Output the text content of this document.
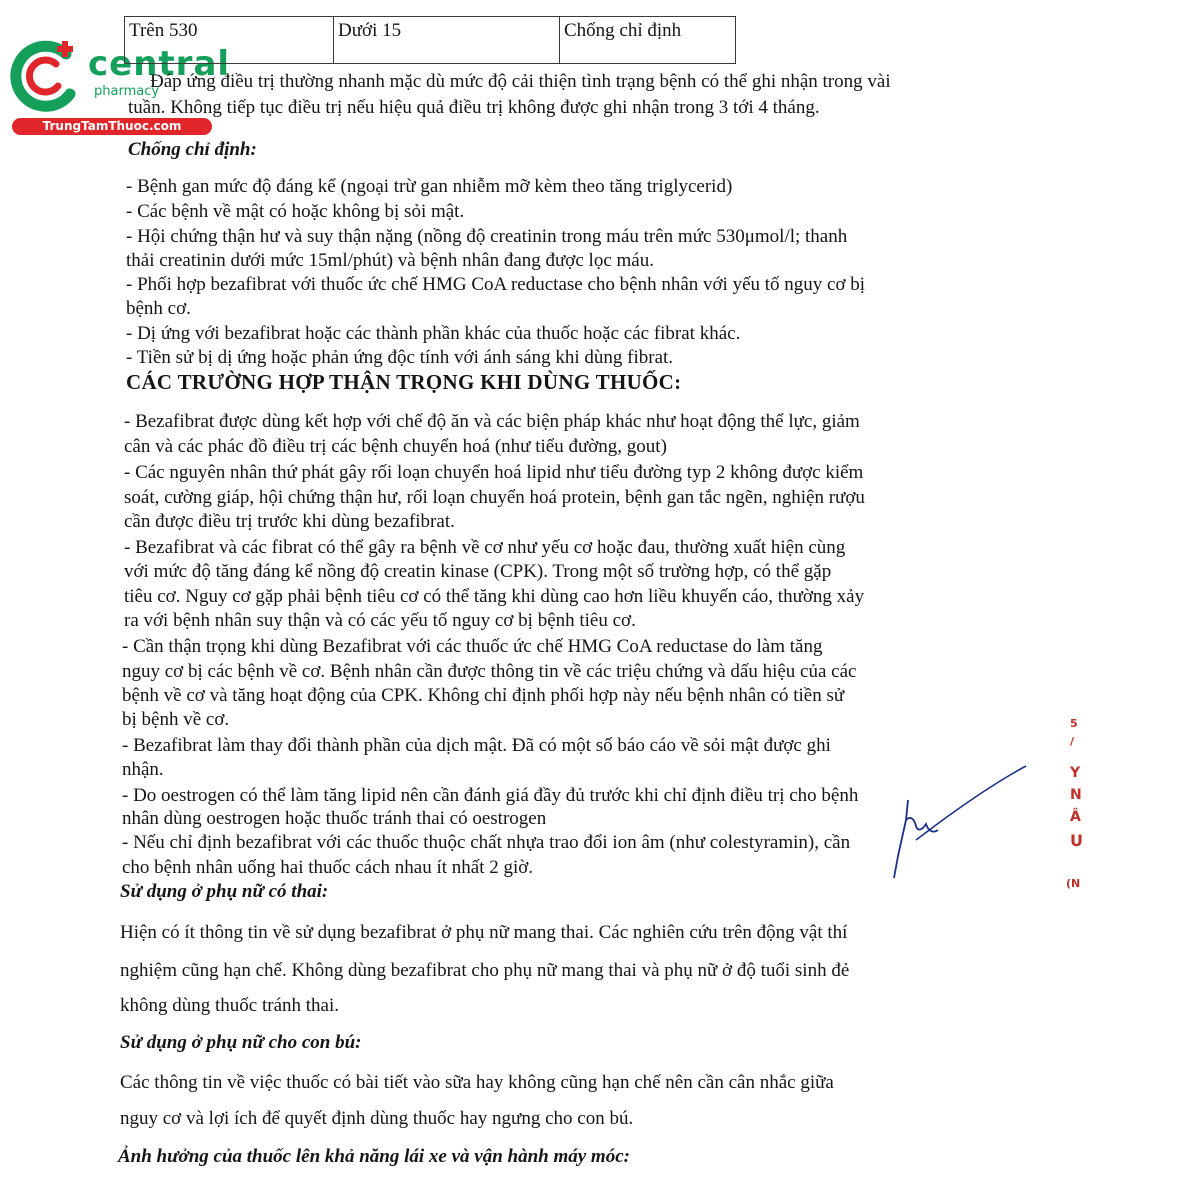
central
pharmacy
TrungTamThuoc.com
Trên 530	Dưới 15	Chống chỉ định
Đáp ứng điều trị thường nhanh mặc dù mức độ cải thiện tình trạng bệnh có thể ghi nhận trong vài
tuần. Không tiếp tục điều trị nếu hiệu quả điều trị không được ghi nhận trong 3 tới 4 tháng.
Chống chỉ định:
- Bệnh gan mức độ đáng kể (ngoại trừ gan nhiễm mỡ kèm theo tăng triglycerid)
- Các bệnh về mật có hoặc không bị sỏi mật.
- Hội chứng thận hư và suy thận nặng (nồng độ creatinin trong máu trên mức 530μmol/l; thanh
thải creatinin dưới mức 15ml/phút) và bệnh nhân đang được lọc máu.
- Phối hợp bezafibrat với thuốc ức chế HMG CoA reductase cho bệnh nhân với yếu tố nguy cơ bị
bệnh cơ.
- Dị ứng với bezafibrat hoặc các thành phần khác của thuốc hoặc các fibrat khác.
- Tiền sử bị dị ứng hoặc phản ứng độc tính với ánh sáng khi dùng fibrat.
CÁC TRƯỜNG HỢP THẬN TRỌNG KHI DÙNG THUỐC:
- Bezafibrat được dùng kết hợp với chế độ ăn và các biện pháp khác như hoạt động thể lực, giảm
cân và các phác đồ điều trị các bệnh chuyển hoá (như tiểu đường, gout)
- Các nguyên nhân thứ phát gây rối loạn chuyển hoá lipid như tiểu đường typ 2 không được kiểm
soát, cường giáp, hội chứng thận hư, rối loạn chuyển hoá protein, bệnh gan tắc ngẽn, nghiện rượu
cần được điều trị trước khi dùng bezafibrat.
- Bezafibrat và các fibrat có thể gây ra bệnh về cơ như yếu cơ hoặc đau, thường xuất hiện cùng
với mức độ tăng đáng kể nồng độ creatin kinase (CPK). Trong một số trường hợp, có thể gặp
tiêu cơ. Nguy cơ gặp phải bệnh tiêu cơ có thể tăng khi dùng cao hơn liều khuyến cáo, thường xảy
ra với bệnh nhân suy thận và có các yếu tố nguy cơ bị bệnh tiêu cơ.
- Cần thận trọng khi dùng Bezafibrat với các thuốc ức chế HMG CoA reductase do làm tăng
nguy cơ bị các bệnh về cơ. Bệnh nhân cần được thông tin về các triệu chứng và dấu hiệu của các
bệnh về cơ và tăng hoạt động của CPK. Không chỉ định phối hợp này nếu bệnh nhân có tiền sử
bị bệnh về cơ.
- Bezafibrat làm thay đổi thành phần của dịch mật. Đã có một số báo cáo về sỏi mật được ghi
nhận.
- Do oestrogen có thể làm tăng lipid nên cần đánh giá đầy đủ trước khi chỉ định điều trị cho bệnh
nhân dùng oestrogen hoặc thuốc tránh thai có oestrogen
- Nếu chỉ định bezafibrat với các thuốc thuộc chất nhựa trao đổi ion âm (như colestyramin), cần
cho bệnh nhân uống hai thuốc cách nhau ít nhất 2 giờ.
Sử dụng ở phụ nữ có thai:
Hiện có ít thông tin về sử dụng bezafibrat ở phụ nữ mang thai. Các nghiên cứu trên động vật thí
nghiệm cũng hạn chế. Không dùng bezafibrat cho phụ nữ mang thai và phụ nữ ở độ tuổi sinh đẻ
không dùng thuốc tránh thai.
Sử dụng ở phụ nữ cho con bú:
Các thông tin về việc thuốc có bài tiết vào sữa hay không cũng hạn chế nên cần cân nhắc giữa
nguy cơ và lợi ích để quyết định dùng thuốc hay ngưng cho con bú.
Ảnh hưởng của thuốc lên khả năng lái xe và vận hành máy móc:
5
/
Y
N
Â
U
(N
